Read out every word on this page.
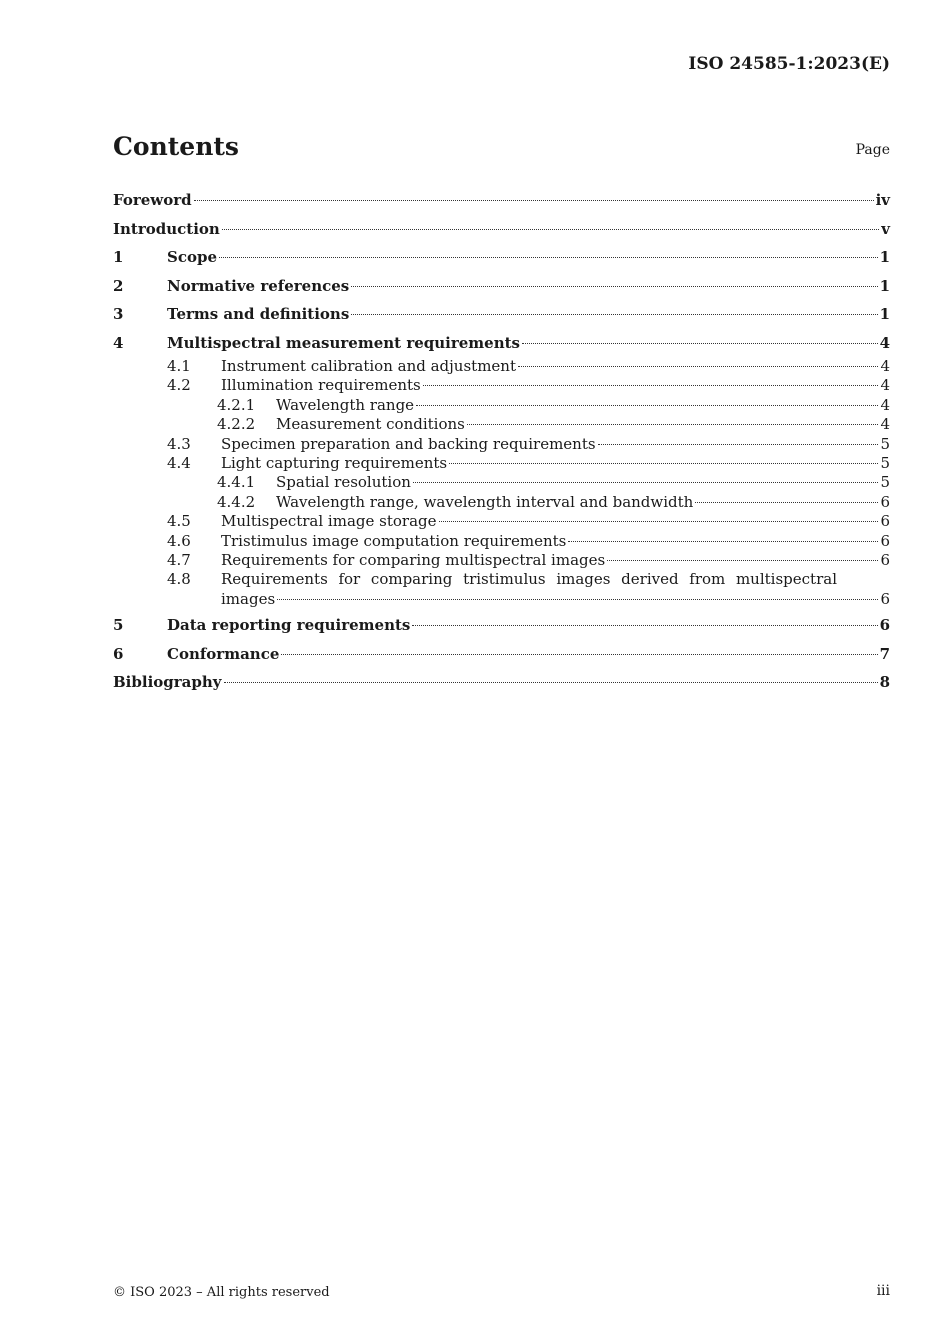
ISO 24585-1:2023(E)
Contents	Page
Foreword	iv
Introduction	v
1	Scope	1
2	Normative references	1
3	Terms and definitions	1
4	Multispectral measurement requirements	4
4.1	Instrument calibration and adjustment	4
4.2	Illumination requirements	4
4.2.1	Wavelength range	4
4.2.2	Measurement conditions	4
4.3	Specimen preparation and backing requirements	5
4.4	Light capturing requirements	5
4.4.1	Spatial resolution	5
4.4.2	Wavelength range, wavelength interval and bandwidth	6
4.5	Multispectral image storage	6
4.6	Tristimulus image computation requirements	6
4.7	Requirements for comparing multispectral images	6
4.8	Requirements for comparing tristimulus images derived from multispectral
images	6
5	Data reporting requirements	6
6	Conformance	7
Bibliography	8
© ISO 2023 – All rights reserved	iii
